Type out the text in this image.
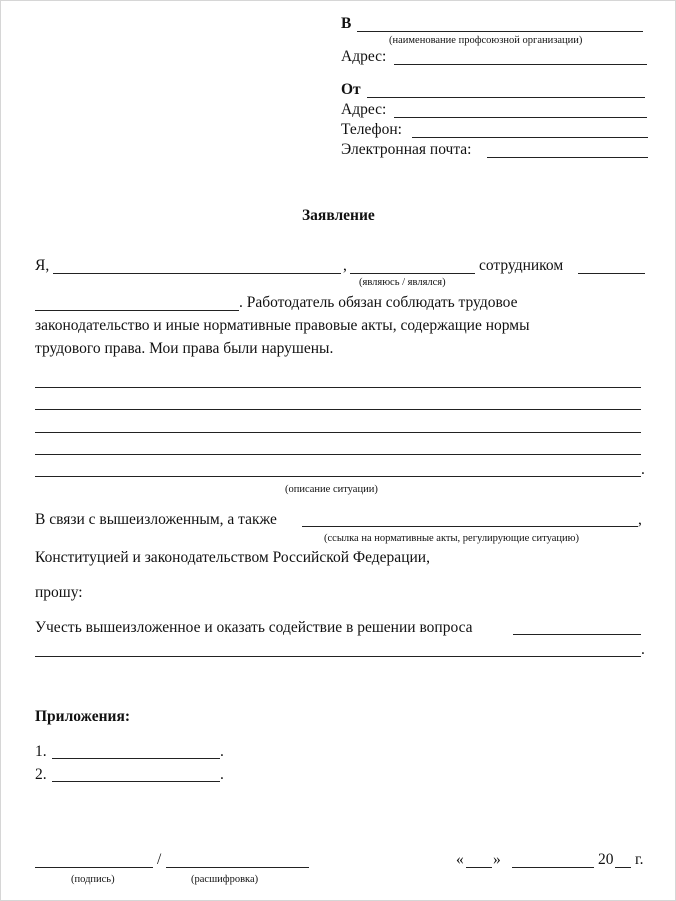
В
(наименование профсоюзной организации)
Адрес:
От
Адрес:
Телефон:
Электронная почта:
Заявление
Я,	,	сотрудником
(являюсь / являлся)
. Работодатель обязан соблюдать трудовое
законодательство и иные нормативные правовые акты, содержащие нормы
трудового права. Мои права были нарушены.
.
(описание ситуации)
В связи с вышеизложенным, а также	,
(ссылка на нормативные акты, регулирующие ситуацию)
Конституцией и законодательством Российской Федерации,
прошу:
Учесть вышеизложенное и оказать содействие в решении вопроса
.
Приложения:
1.	.
2.	.
/
(подпись)	(расшифровка)
« »	20 г.
